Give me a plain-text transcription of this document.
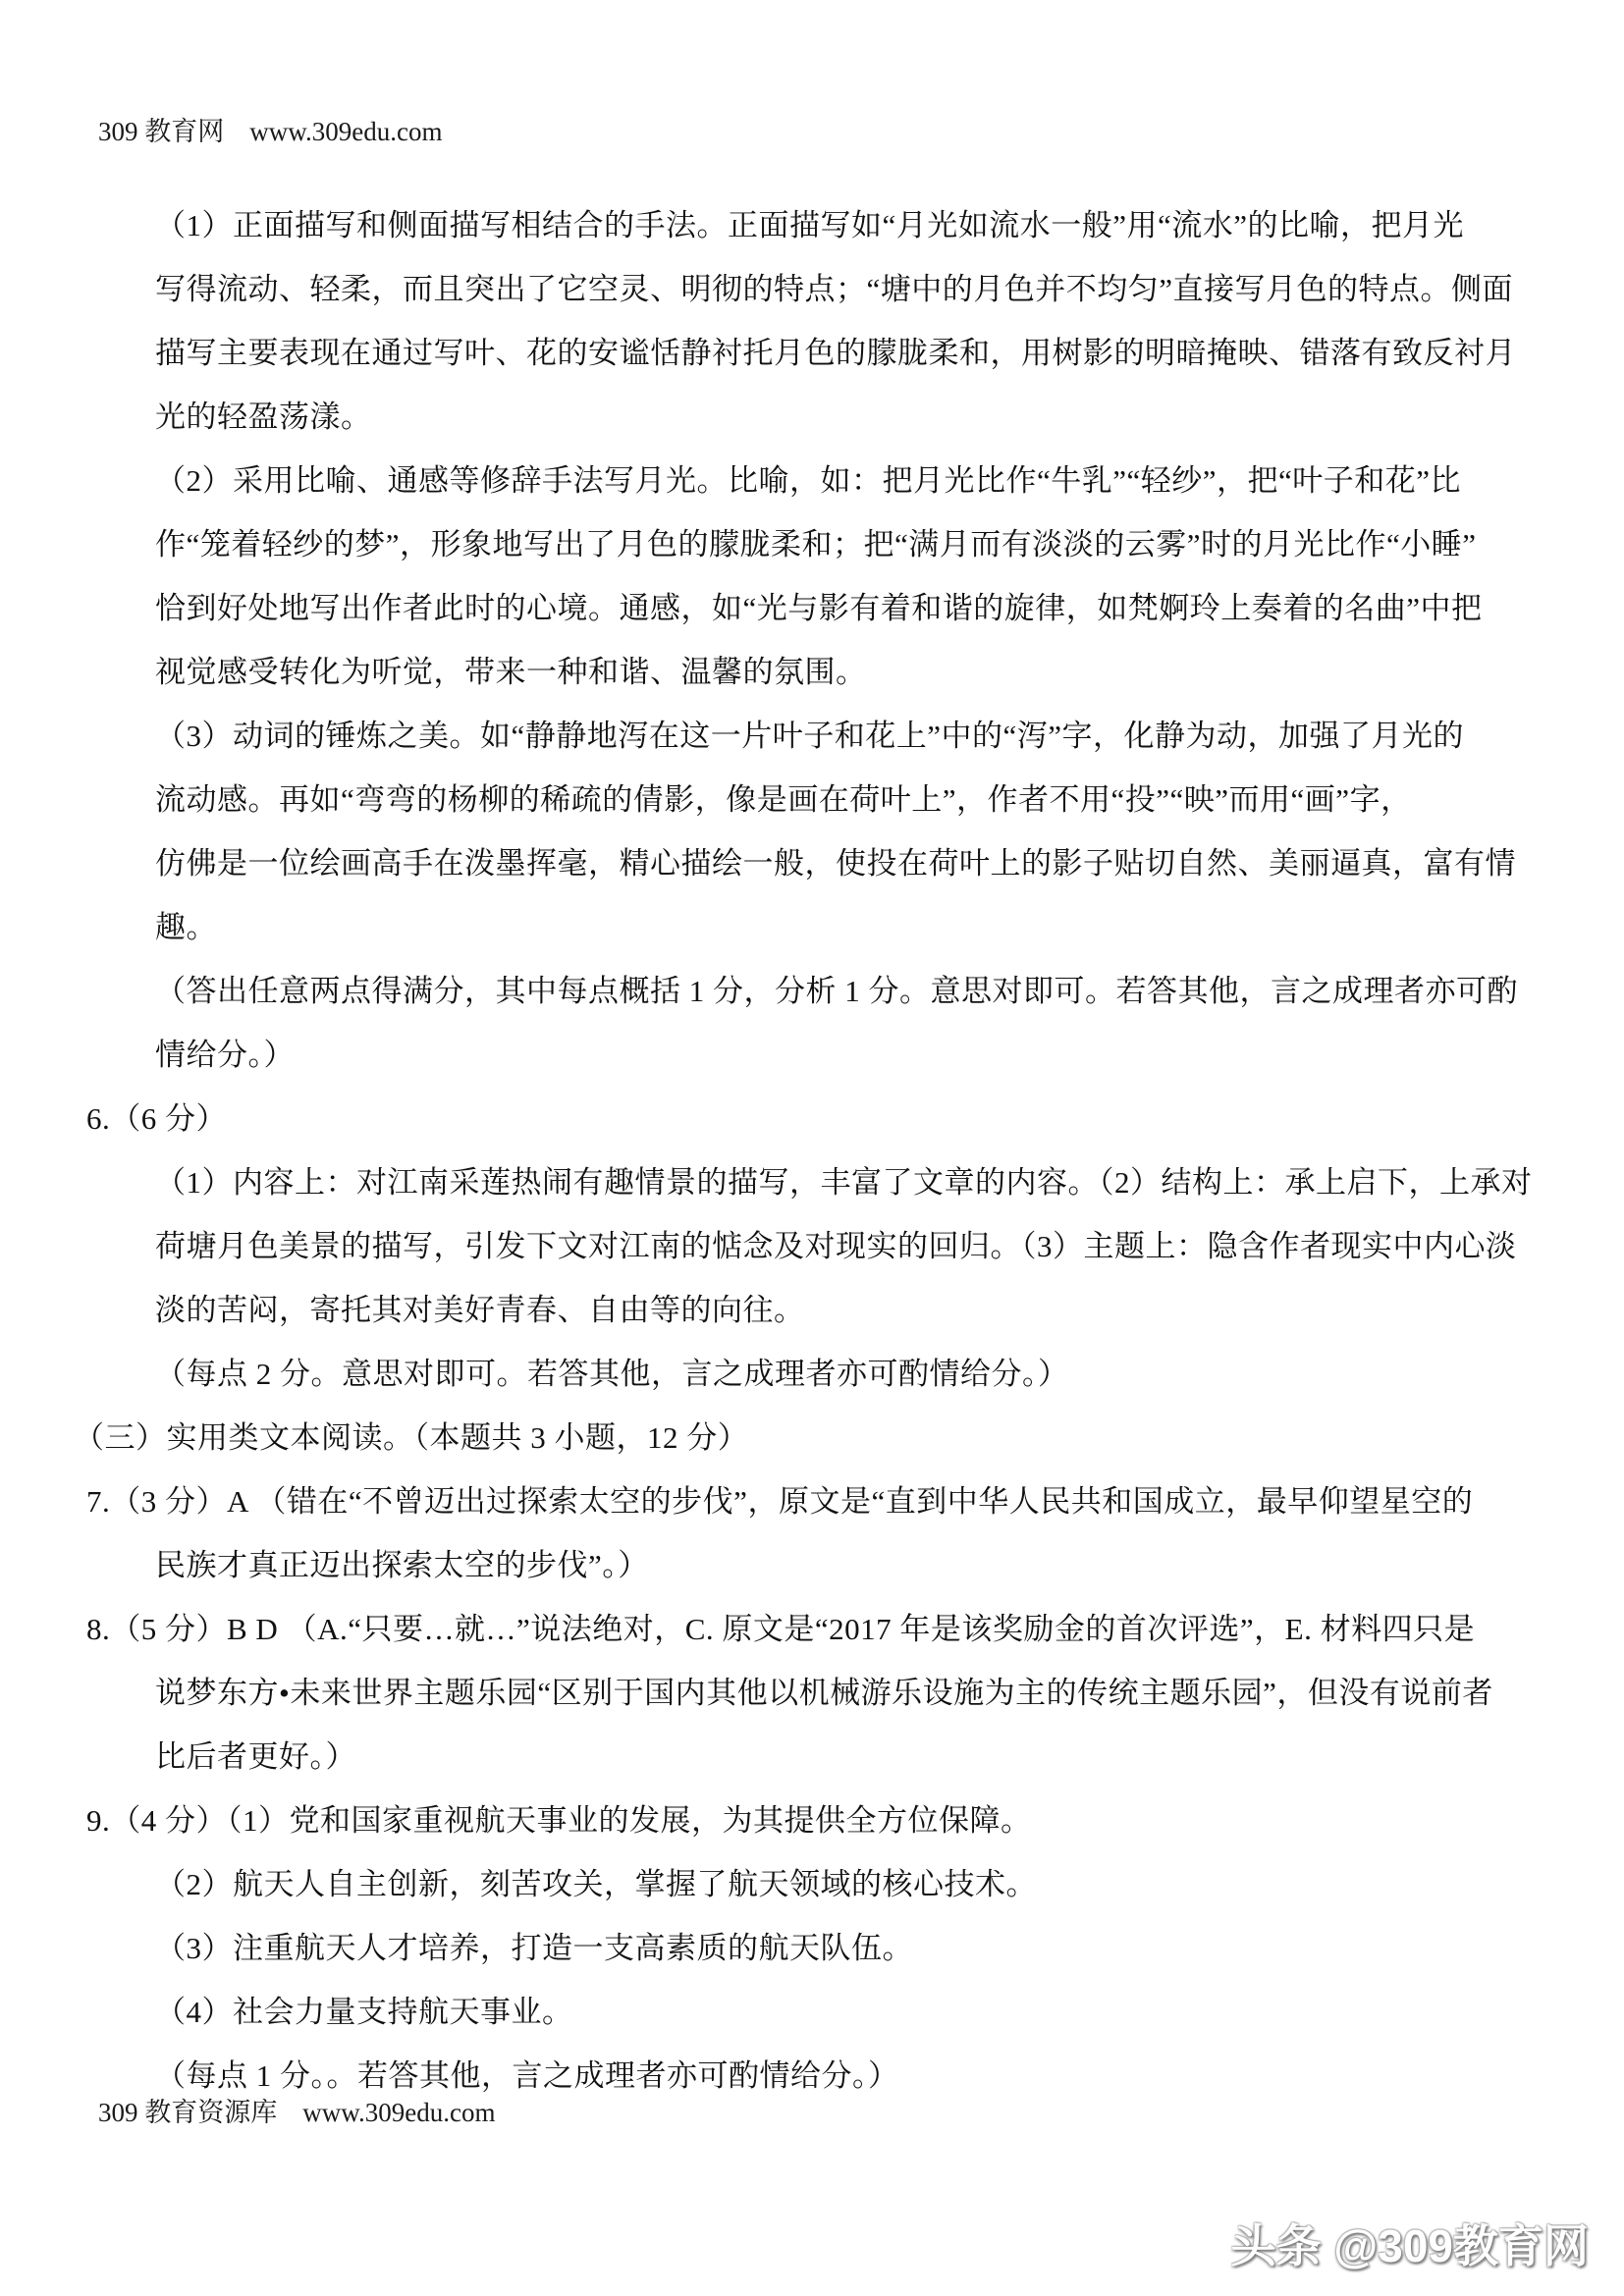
309 教育网 www.309edu.com
（1）正面描写和侧面描写相结合的手法。正面描写如“月光如流水一般”用“流水”的比喻，把月光
写得流动、轻柔，而且突出了它空灵、明彻的特点；“塘中的月色并不均匀”直接写月色的特点。侧面
描写主要表现在通过写叶、花的安谧恬静衬托月色的朦胧柔和，用树影的明暗掩映、错落有致反衬月
光的轻盈荡漾。
（2）采用比喻、通感等修辞手法写月光。比喻，如：把月光比作“牛乳”“轻纱”，把“叶子和花”比
作“笼着轻纱的梦”，形象地写出了月色的朦胧柔和；把“满月而有淡淡的云雾”时的月光比作“小睡”
恰到好处地写出作者此时的心境。通感，如“光与影有着和谐的旋律，如梵婀玲上奏着的名曲”中把
视觉感受转化为听觉，带来一种和谐、温馨的氛围。
（3）动词的锤炼之美。如“静静地泻在这一片叶子和花上”中的“泻”字，化静为动，加强了月光的
流动感。再如“弯弯的杨柳的稀疏的倩影，像是画在荷叶上”，作者不用“投”“映”而用“画”字，
仿佛是一位绘画高手在泼墨挥毫，精心描绘一般，使投在荷叶上的影子贴切自然、美丽逼真，富有情
趣。
（答出任意两点得满分，其中每点概括 1 分，分析 1 分。意思对即可。若答其他，言之成理者亦可酌
情给分。）
6.（6 分）
（1）内容上：对江南采莲热闹有趣情景的描写，丰富了文章的内容。（2）结构上：承上启下，上承对
荷塘月色美景的描写，引发下文对江南的惦念及对现实的回归。（3）主题上：隐含作者现实中内心淡
淡的苦闷，寄托其对美好青春、自由等的向往。
（每点 2 分。意思对即可。若答其他，言之成理者亦可酌情给分。）
（三）实用类文本阅读。（本题共 3 小题，12 分）
7.（3 分）A （错在“不曾迈出过探索太空的步伐”，原文是“直到中华人民共和国成立，最早仰望星空的
民族才真正迈出探索太空的步伐”。）
8.（5 分）B D （A.“只要…就…”说法绝对，C. 原文是“2017 年是该奖励金的首次评选”，E. 材料四只是
说梦东方•未来世界主题乐园“区别于国内其他以机械游乐设施为主的传统主题乐园”，但没有说前者
比后者更好。）
9.（4 分）（1）党和国家重视航天事业的发展，为其提供全方位保障。
（2）航天人自主创新，刻苦攻关，掌握了航天领域的核心技术。
（3）注重航天人才培养，打造一支高素质的航天队伍。
（4）社会力量支持航天事业。
（每点 1 分。。若答其他，言之成理者亦可酌情给分。）
309 教育资源库 www.309edu.com
头条 @309教育网
